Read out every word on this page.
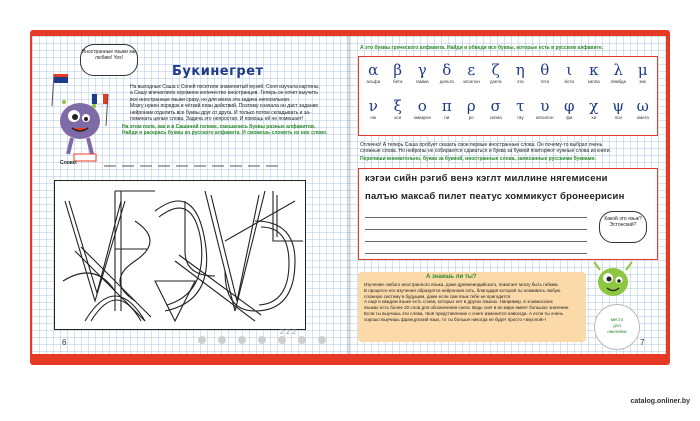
Иностранные языки мы любим! Yes!
Букинегрет
На выходных Саша с Соней посетили знаменитый музей. Соня изучала картины,
а Сашу впечатлило огромное количество иностранцев. Теперь он хочет выучить
все иностранные языки сразу, но для мозга эта задача непосильная.
Мозгу нужен порядок и чёткий план действий. Поэтому сначала он даст задание
нейронам отделить все буквы друг от друга. И только потом складывать и за-
поминать целые слова. Задача это непростая. И помощь ей не помешает!
На этом поле, как и в Сашиной голове, смешались буквы разных алфавитов.
Найди и раскрась буквы из русского алфавита. И сможешь сложить из них слово.
Слово:
Z Z Z
6
А это буквы греческого алфавита. Найди и обведи все буквы, которые есть в русском алфавите.
α
альфа
β
бета
γ
гамма
δ
дельта
ε
эпсилон
ζ
дзета
η
эта
θ
тета
ι
йота
κ
каппа
λ
лямбда
μ
мю
ν
ню
ξ
кси
ο
омикрон
π
пи
ρ
ро
σ
сигма
τ
тау
υ
ипсилон
φ
фи
χ
хи
ψ
пси
ω
омега
Отлично! А теперь Саша пробует сказать свои первые иностранные слова. Он почему-то выбрал очень
сложные слова. Но нейроны не собираются сдаваться и буква за буквой повторяют нужные слова из книги.
Перепиши внимательно, буква за буквой, иностранные слова, записанные русскими буквами.
кэгэи сийн рэгиб венэ кэглт миллине нягемисени
палъю максаб пилет пеатус хоммикуст бронеерисин
Какой это язык? Эстонский?
А знаешь ли ты?
Изучение любого иностранного языка, даже древнеиндийского, помогает мозгу быть гибким.
В процессе его изучения образуется нейронная сеть, благодаря которой ты осваивать любую
сложную систему в будущем, даже если сам язык тебе не пригодится.
А ещё в каждом языке есть слова, которых нет в других языках. Например, в эскимосских
языках есть более 20 слов для обозначения снега. Ведь снег в их мире имеет большое значение.
Если ты выучишь эти слова, твоё представление о снеге изменится навсегда. А если ты очень
хорошо выучишь французский язык, то ты больше никогда не будет просто «вкусной»!	место
для
наклейки
7
catalog.onliner.by
